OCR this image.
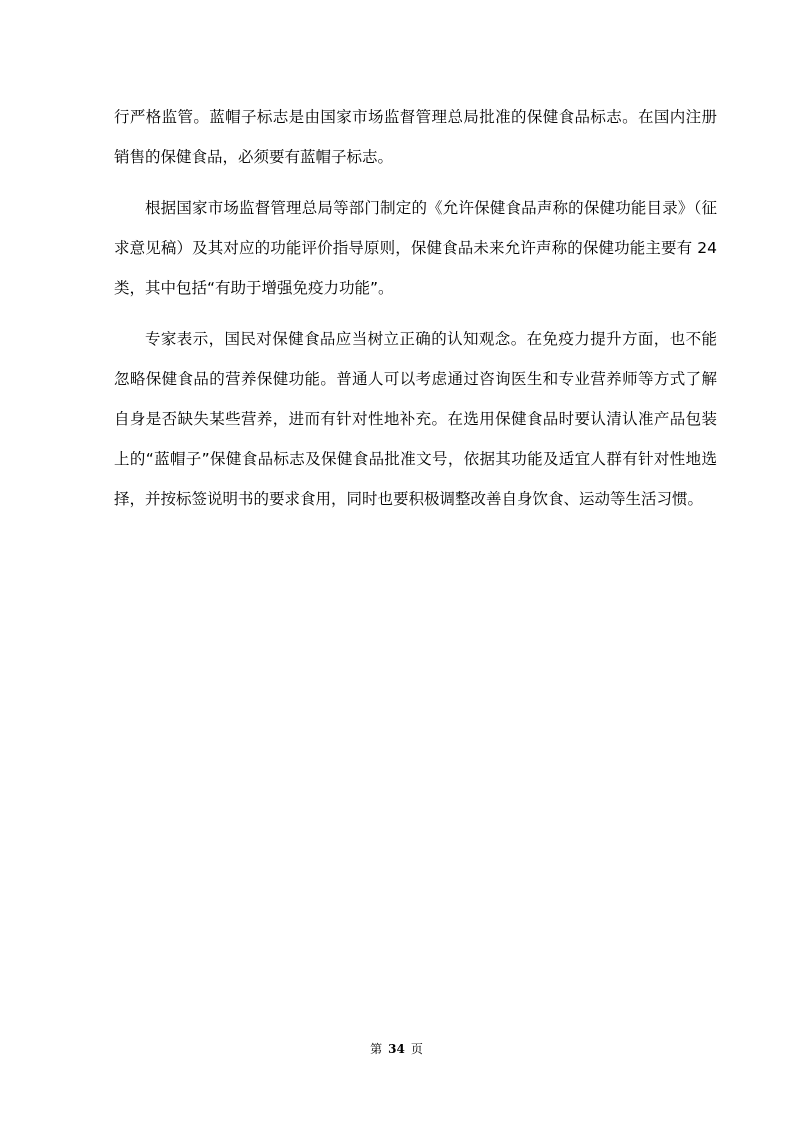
行严格监管。蓝帽子标志是由国家市场监督管理总局批准的保健食品标志。在国内注册销售的保健食品，必须要有蓝帽子标志。

根据国家市场监督管理总局等部门制定的《允许保健食品声称的保健功能目录》（征求意见稿）及其对应的功能评价指导原则，保健食品未来允许声称的保健功能主要有 24 类，其中包括“有助于增强免疫力功能”。

专家表示，国民对保健食品应当树立正确的认知观念。在免疫力提升方面，也不能忽略保健食品的营养保健功能。普通人可以考虑通过咨询医生和专业营养师等方式了解自身是否缺失某些营养，进而有针对性地补充。在选用保健食品时要认清认准产品包装上的“蓝帽子”保健食品标志及保健食品批准文号，依据其功能及适宜人群有针对性地选择，并按标签说明书的要求食用，同时也要积极调整改善自身饮食、运动等生活习惯。

第 34 页
